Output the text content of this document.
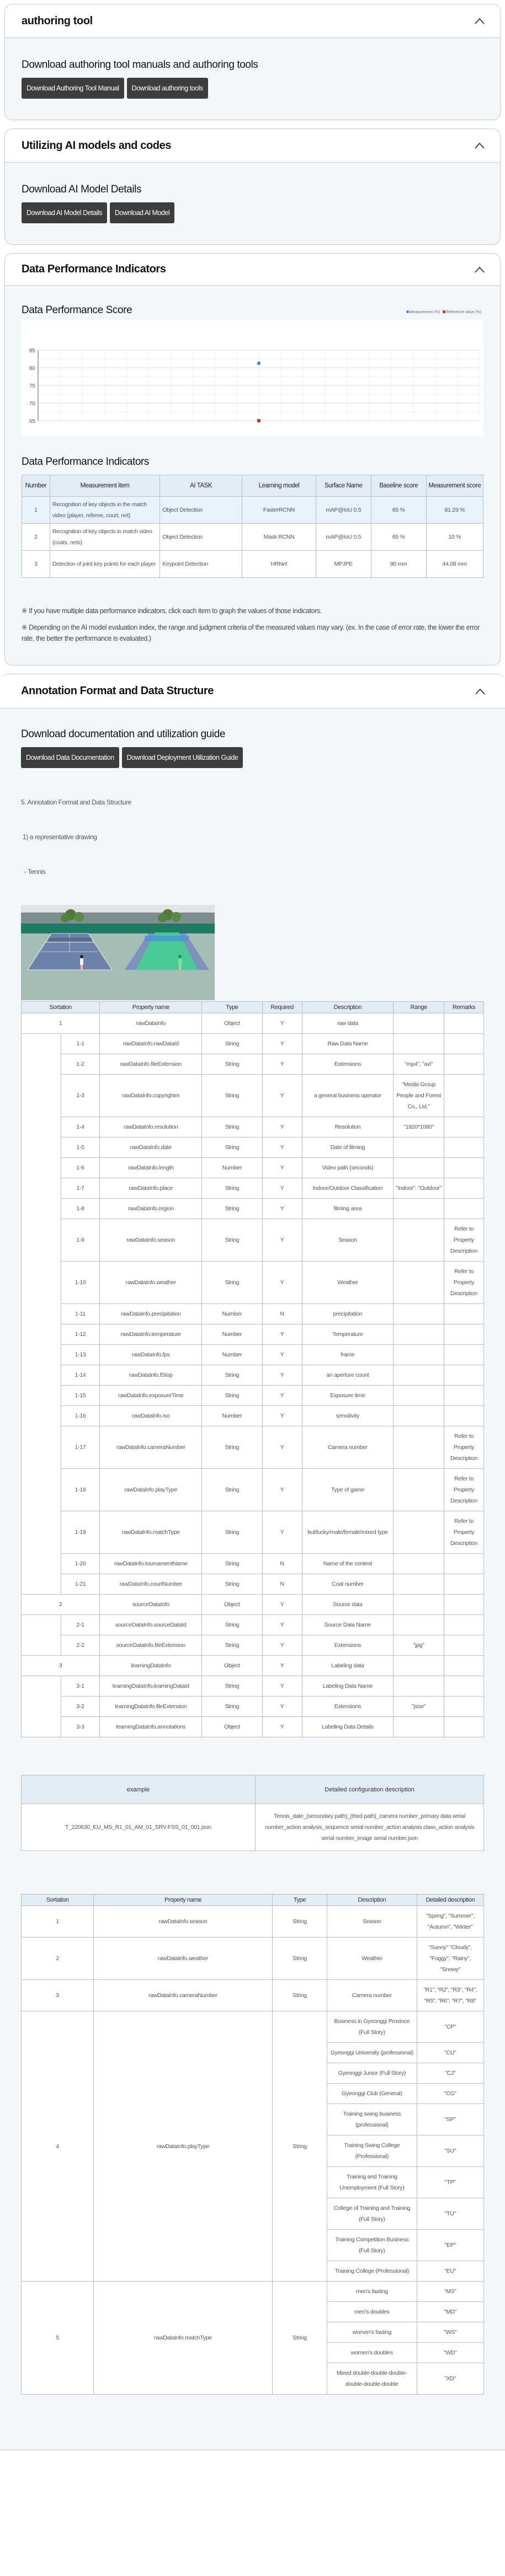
authoring tool
Download authoring tool manuals and authoring tools
Download Authoring Tool Manual	Download authoring tools
Utilizing AI models and codes
Download AI Model Details
Download AI Model Details	Download AI Model
Data Performance Indicators
Data Performance Score	Measurement (%)	Reference value (%)
85
80
75
70
65
Data Performance Indicators
Number	Measurement item	AI TASK	Learning model	Surface Name	Baseline score	Measurement score
1	Recognition of key objects in the match video (player, referee, court, net)	Object Detection	FasterRCNN	mAP@IoU 0.5	65 %	81.29 %
2	Recognition of key objects in match video (coats, nets)	Object Detection	Mask RCNN	mAP@IoU 0.5	65 %	10 %
3	Detection of joint key points for each player	Keypoint Detection	HRNet	MPJPE	90 mm	44.08 mm

※ If you have multiple data performance indicators, click each item to graph the values of those indicators.

※ Depending on the AI model evaluation index, the range and judgment criteria of the measured values may vary. (ex. In the case of error rate, the lower the error rate, the better the performance is evaluated.)

Annotation Format and Data Structure
Download documentation and utilization guide
Download Data Documentation	Download Deployment Utilization Guide

5. Annotation Format and Data Structure

1) a representative drawing

- Tennis

Sortation		Property name	Type	Required	Description	Range	Remarks
1		rawDataInfo	Object	Y	raw data		
	1-1	rawDataInfo.rawDataId	String	Y	Raw Data Name		
	1-2	rawDataInfo.fileExtension	String	Y	Extensions	"mp4", "avi"	
	1-3	rawDataInfo.copyrighter	String	Y	a general business operator	"Media Group People and Forest Co., Ltd."	
	1-4	rawDataInfo.resolution	String	Y	Resolution	"1920*1080"	
	1-5	rawDataInfo.date	String	Y	Date of filming		
	1-6	rawDataInfo.length	Number	Y	Video path (seconds)		
	1-7	rawDataInfo.place	String	Y	Indoor/Outdoor Classification	"Indoor". "Outdoor"	
	1-8	rawDataInfo.region	String	Y	filming area		
	1-9	rawDataInfo.season	String	Y	Season		Refer to Property Description
	1-10	rawDataInfo.weather	String	Y	Weather		Refer to Property Description
	1-11	rawDataInfo.precipitation	Number	N	precipitation		
	1-12	rawDataInfo.temperature	Number	Y	Temperature		
	1-13	rawDataInfo.fps	Number	Y	frame		
	1-14	rawDataInfo.fStop	String	Y	an aperture count		
	1-15	rawDataInfo.exposureTime	String	Y	Exposure time		
	1-16	rawDataInfo.iso	Number	Y	sensitivity		
	1-17	rawDataInfo.cameraNumber	String	Y	Camera number		Refer to Property Description
	1-18	rawDataInfo.playType	String	Y	Type of game		Refer to Property Description
	1-19	rawDataInfo.matchType	String	Y	but/lucky/male/female/mixed type		Refer to Property Description
	1-20	rawDataInfo.tournamentName	String	N	Name of the contest		
	1-21	rawDataInfo.courtNumber	String	N	Coat number		
2		sourceDataInfo	Object	Y	Source data		
	2-1	sourceDataInfo.sourceDataId	String	Y	Source Data Name		
	2-2	sourceDataInfo.fileExtension	String	Y	Extensions	"jpg"	
3		learningDataInfo	Object	Y	Labeling data		
	3-1	learningDataInfo.learningDataId	String	Y	Labeling Data Name		
	3-2	learningDataInfo.fileExtension	String	Y	Extensions	"json"	
	3-3	learningDataInfo.annotations	Object	Y	Labeling Data Details		
example	Detailed configuration description
T_220630_EU_MS_R1_01_AM_01_SRV-FSS_01_001.json	Tennis_date_(secondary path)_(third path)_camera number_primary data serial number_action analysis_sequence serial number_action analysis class_action analysis serial number_image serial number.json
Sortation	Property name	Type	Description	Detailed description
1	rawDataInfo.season	String	Season	"Spring", "Summer", "Autumn", "Winter"
2	rawDataInfo.weather	String	Weather	"Sunny" "Cloudy", "Foggy", "Rainy", "Snowy"
3	rawDataInfo.cameraNumber	String	Camera number	"R1", "R2", "R3", "R4", "R5", "R6", "R7", "R8"
4	rawDataInfo.playType	String	Business in Gyeonggi Province (Full Story)	"CP"
			Gyeonggi University (professional)	"CU"
			Gyeonggi Junior (Full Story)	"CJ"
			Gyeonggi Club (General)	"CG"
			Training swing business (professional)	"SP"
			Training Swing College (Professional)	"SU"
			Training and Training Unemployment (Full Story)	"TP"
			College of Training and Training (Full Story)	"TU"
			Training Competition Business (Full Story)	"EP"
			Training College (Professional)	"EU"
5	rawDataInfo.matchType	String	men's fasting	"MS"
			men's doubles	"MD"
			women's fasting	"WS"
			women's doubles	"WD"
			Mixed double-double-double-double-double-double	"XD"
